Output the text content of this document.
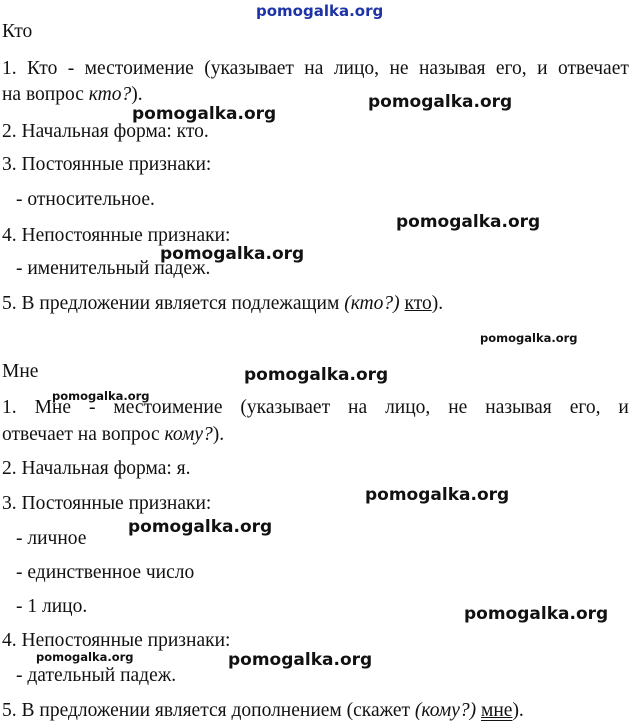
pomogalka.org
pomogalka.org
pomogalka.org
pomogalka.org
pomogalka.org
pomogalka.org
pomogalka.org
pomogalka.org
pomogalka.org
pomogalka.org
pomogalka.org
pomogalka.org	pomogalka.org
Кто
1. Кто - местоимение (указывает на лицо, не называя его, и отвечает
на вопрос кто?).
2. Начальная форма: кто.
3. Постоянные признаки:
- относительное.
4. Непостоянные признаки:
- именительный падеж.
5. В предложении является подлежащим (кто?) кто).
Мне
1. Мне - местоимение (указывает на лицо, не называя его, и
отвечает на вопрос кому?).
2. Начальная форма: я.
3. Постоянные признаки:
- личное
- единственное число
- 1 лицо.
4. Непостоянные признаки:
- дательный падеж.
5. В предложении является дополнением (скажет (кому?) мне).
